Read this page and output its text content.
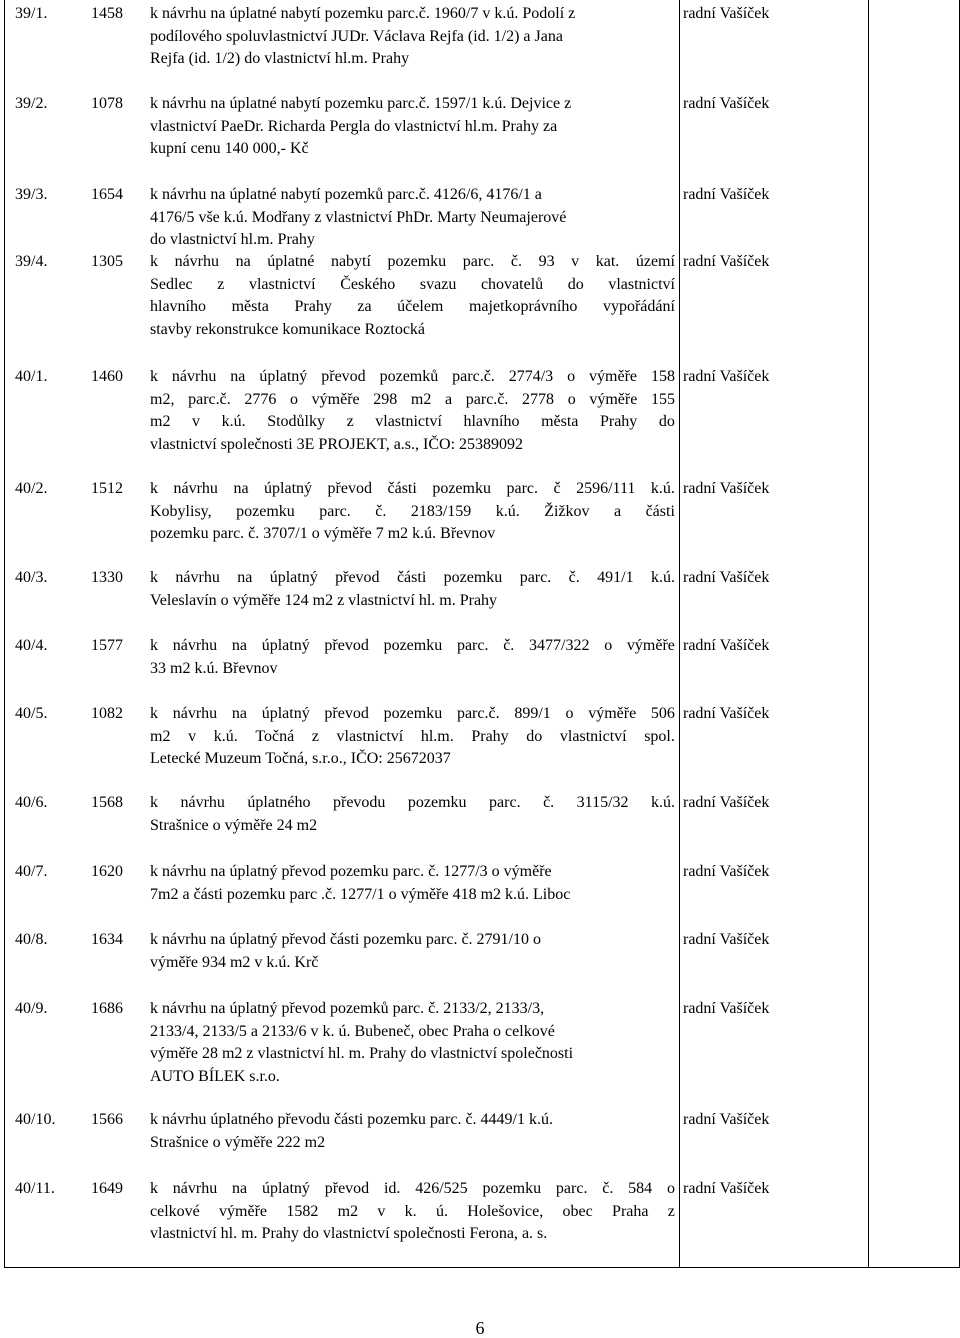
39/1.	1458 k návrhu na úplatné nabytí pozemku parc.č. 1960/7 v k.ú. Podolí z
podílového spoluvlastnictví JUDr. Václava Rejfa (id. 1/2) a Jana
Rejfa (id. 1/2) do vlastnictví hl.m. Prahy
radní Vašíček
39/2.	1078 k návrhu na úplatné nabytí pozemku parc.č. 1597/1 k.ú. Dejvice z
vlastnictví PaeDr. Richarda Pergla do vlastnictví hl.m. Prahy za
kupní cenu 140 000,- Kč
radní Vašíček
39/3.	1654 k návrhu na úplatné nabytí pozemků parc.č. 4126/6, 4176/1 a
4176/5 vše k.ú. Modřany z vlastnictví PhDr. Marty Neumajerové
do vlastnictví hl.m. Prahy
radní Vašíček
39/4.	1305 k návrhu na úplatné nabytí pozemku parc. č. 93 v kat. území
Sedlec z vlastnictví Českého svazu chovatelů do vlastnictví
hlavního města Prahy za účelem majetkoprávního vypořádání
stavby rekonstrukce komunikace Roztocká
radní Vašíček
40/1.	1460 k návrhu na úplatný převod pozemků parc.č. 2774/3 o výměře 158
m2, parc.č. 2776 o výměře 298 m2 a parc.č. 2778 o výměře 155
m2 v k.ú. Stodůlky z vlastnictví hlavního města Prahy do
vlastnictví společnosti 3E PROJEKT, a.s., IČO: 25389092
radní Vašíček
40/2.	1512 k návrhu na úplatný převod části pozemku parc. č 2596/111 k.ú.
Kobylisy, pozemku parc. č. 2183/159 k.ú. Žižkov a části
pozemku parc. č. 3707/1 o výměře 7 m2 k.ú. Břevnov
radní Vašíček
40/3.	1330 k návrhu na úplatný převod části pozemku parc. č. 491/1 k.ú.
Veleslavín o výměře 124 m2 z vlastnictví hl. m. Prahy
radní Vašíček
40/4.	1577 k návrhu na úplatný převod pozemku parc. č. 3477/322 o výměře
33 m2 k.ú. Břevnov
radní Vašíček
40/5.	1082 k návrhu na úplatný převod pozemku parc.č. 899/1 o výměře 506
m2 v k.ú. Točná z vlastnictví hl.m. Prahy do vlastnictví spol.
Letecké Muzeum Točná, s.r.o., IČO: 25672037
radní Vašíček
40/6.	1568 k návrhu úplatného převodu pozemku parc. č. 3115/32 k.ú.
Strašnice o výměře 24 m2
radní Vašíček
40/7.	1620 k návrhu na úplatný převod pozemku parc. č. 1277/3 o výměře
7m2 a části pozemku parc .č. 1277/1 o výměře 418 m2 k.ú. Liboc
radní Vašíček
40/8.	1634 k návrhu na úplatný převod části pozemku parc. č. 2791/10 o
výměře 934 m2 v k.ú. Krč
radní Vašíček
40/9.	1686 k návrhu na úplatný převod pozemků parc. č. 2133/2, 2133/3,
2133/4, 2133/5 a 2133/6 v k. ú. Bubeneč, obec Praha o celkové
výměře 28 m2 z vlastnictví hl. m. Prahy do vlastnictví společnosti
AUTO BÍLEK s.r.o.
radní Vašíček
40/10. 1566 k návrhu úplatného převodu části pozemku parc. č. 4449/1 k.ú.
Strašnice o výměře 222 m2
radní Vašíček
40/11. 1649 k návrhu na úplatný převod id. 426/525 pozemku parc. č. 584 o
celkové výměře 1582 m2 v k. ú. Holešovice, obec Praha z
vlastnictví hl. m. Prahy do vlastnictví společnosti Ferona, a. s.
radní Vašíček
6
